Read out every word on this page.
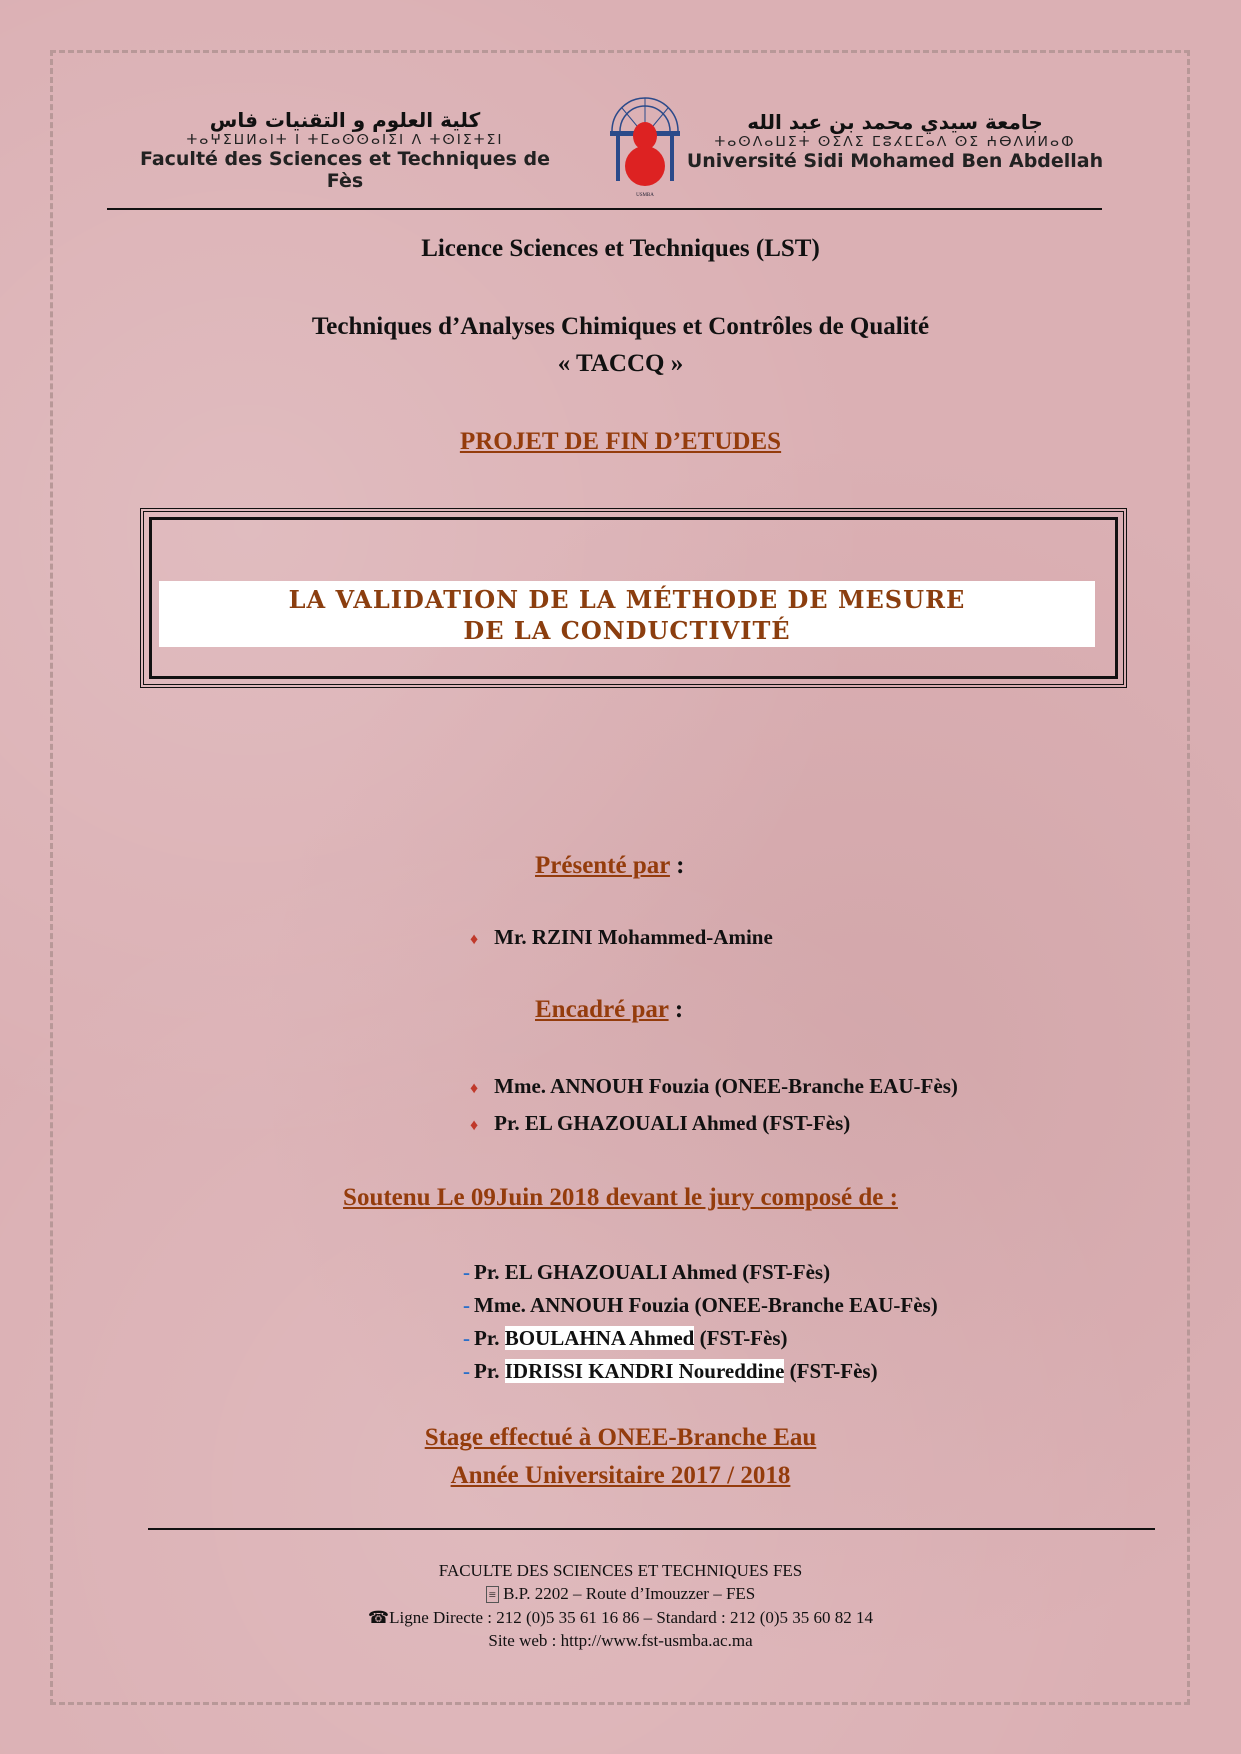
كلية العلوم و التقنيات فاس
ⵜⴰⵖⵉⵡⵍⴰⵏⵜ ⵏ ⵜⵎⴰⵙⵙⴰⵏⵉⵏ ⴷ ⵜⵙⵏⵉⵜⵉⵏ
Faculté des Sciences et Techniques de Fès
USMBA
جامعة سيدي محمد بن عبد الله
ⵜⴰⵙⴷⴰⵡⵉⵜ ⵙⵉⴷⵉ ⵎⵓⵃⵎⵎⴰⴷ ⵙⵉ ⵄⴱⴷⵍⵍⴰⵀ
Université Sidi Mohamed Ben Abdellah
Licence Sciences et Techniques (LST)
Techniques d’Analyses Chimiques et Contrôles de Qualité
« TACCQ »
PROJET DE FIN D’ETUDES
LA VALIDATION DE LA MÉTHODE DE MESURE
DE LA CONDUCTIVITÉ
Présenté par :
♦ Mr. RZINI Mohammed-Amine
Encadré par :
♦ Mme. ANNOUH Fouzia (ONEE-Branche EAU-Fès)
♦ Pr. EL GHAZOUALI Ahmed (FST-Fès)
Soutenu Le 09Juin 2018 devant le jury composé de :
- Pr. EL GHAZOUALI Ahmed (FST-Fès)
- Mme. ANNOUH Fouzia (ONEE-Branche EAU-Fès)
- Pr. BOULAHNA Ahmed (FST-Fès)
- Pr. IDRISSI KANDRI Noureddine (FST-Fès)
Stage effectué à ONEE-Branche Eau
Année Universitaire 2017 / 2018
FACULTE DES SCIENCES ET TECHNIQUES FES
≡ B.P. 2202 – Route d’Imouzzer – FES
☎Ligne Directe : 212 (0)5 35 61 16 86 – Standard : 212 (0)5 35 60 82 14
Site web : http://www.fst-usmba.ac.ma
